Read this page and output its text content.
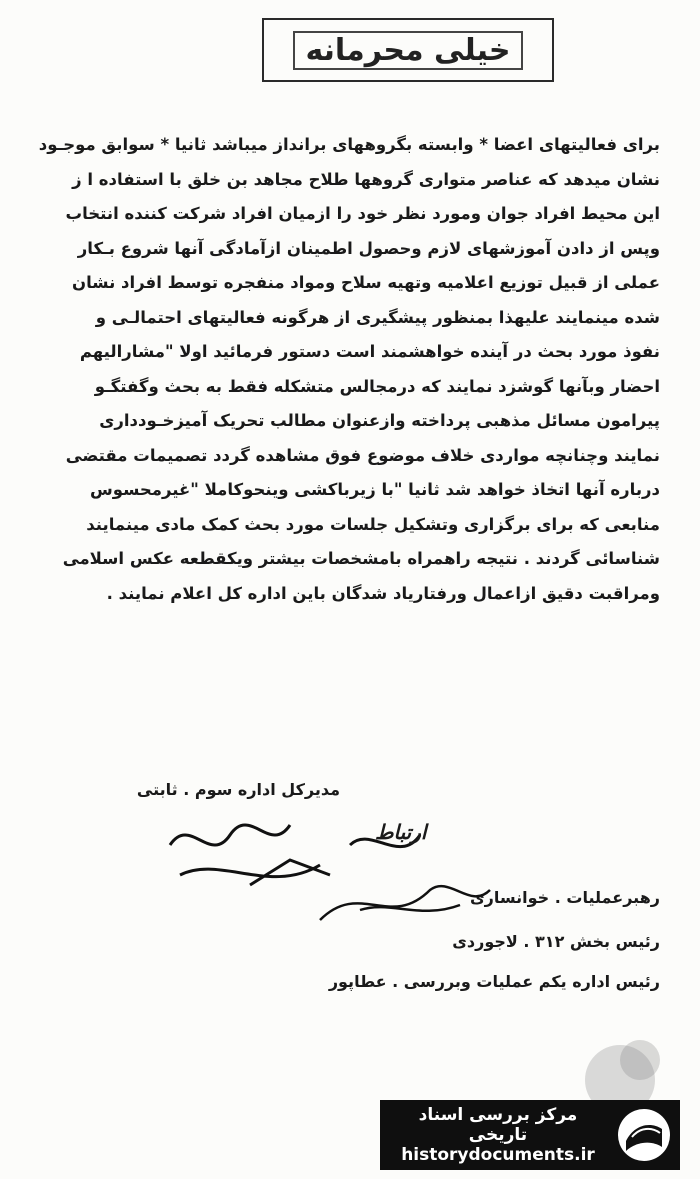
خیلی محرمانه
برای فعالیتهای اعضا * وابسته بگروههای برانداز میباشد ثانیا * سوابق موجـود
نشان میدهد که عناصر متواری گروهها طلاح مجاهد بن خلق با استفاده ا ز
این محیط افراد جوان ومورد نظر خود را ازمیان افراد شرکت کننده انتخاب
وپس از دادن آموزشهای لازم وحصول اطمینان ازآمادگی آنها شروع بـکار
عملی از قبیل توزیع اعلامیه وتهیه سلاح ومواد منفجره توسط افراد نشان
شده مینمایند علیهذا بمنظور پیشگیری از هرگونه فعالیتهای احتمالـی و
نفوذ مورد بحث در آینده خواهشمند است دستور فرمائید اولا "مشارالیهم
احضار وبآنها گوشزد نمایند که درمجالس متشکله فقط به بحث وگفتگـو
پیرامون مسائل مذهبی پرداخته وازعنوان مطالب تحریک آمیزخـودداری
نمایند وچنانچه مواردی خلاف موضوع فوق مشاهده گردد تصمیمات مقتضی
درباره آنها اتخاذ خواهد شد ثانیا "با زیرباکشی وینحوکاملا "غیرمحسوس
منابعی که برای برگزاری وتشکیل جلسات مورد بحث کمک مادی مینمایند
شناسائی گردند . نتیجه راهمراه بامشخصات بیشتر ویکقطعه عکس اسلامی
ومراقبت دقیق ازاعمال ورفتاریاد شدگان باین اداره کل اعلام نمایند .
مدیرکل اداره سوم . ثابتی
ارتباط
رهبرعملیات . خوانساری
رئیس بخش ۳۱۲ . لاجوردی
رئیس اداره یکم عملیات وبررسی . عطاپور
مرکز بررسی اسناد تاریخی
historydocuments.ir
